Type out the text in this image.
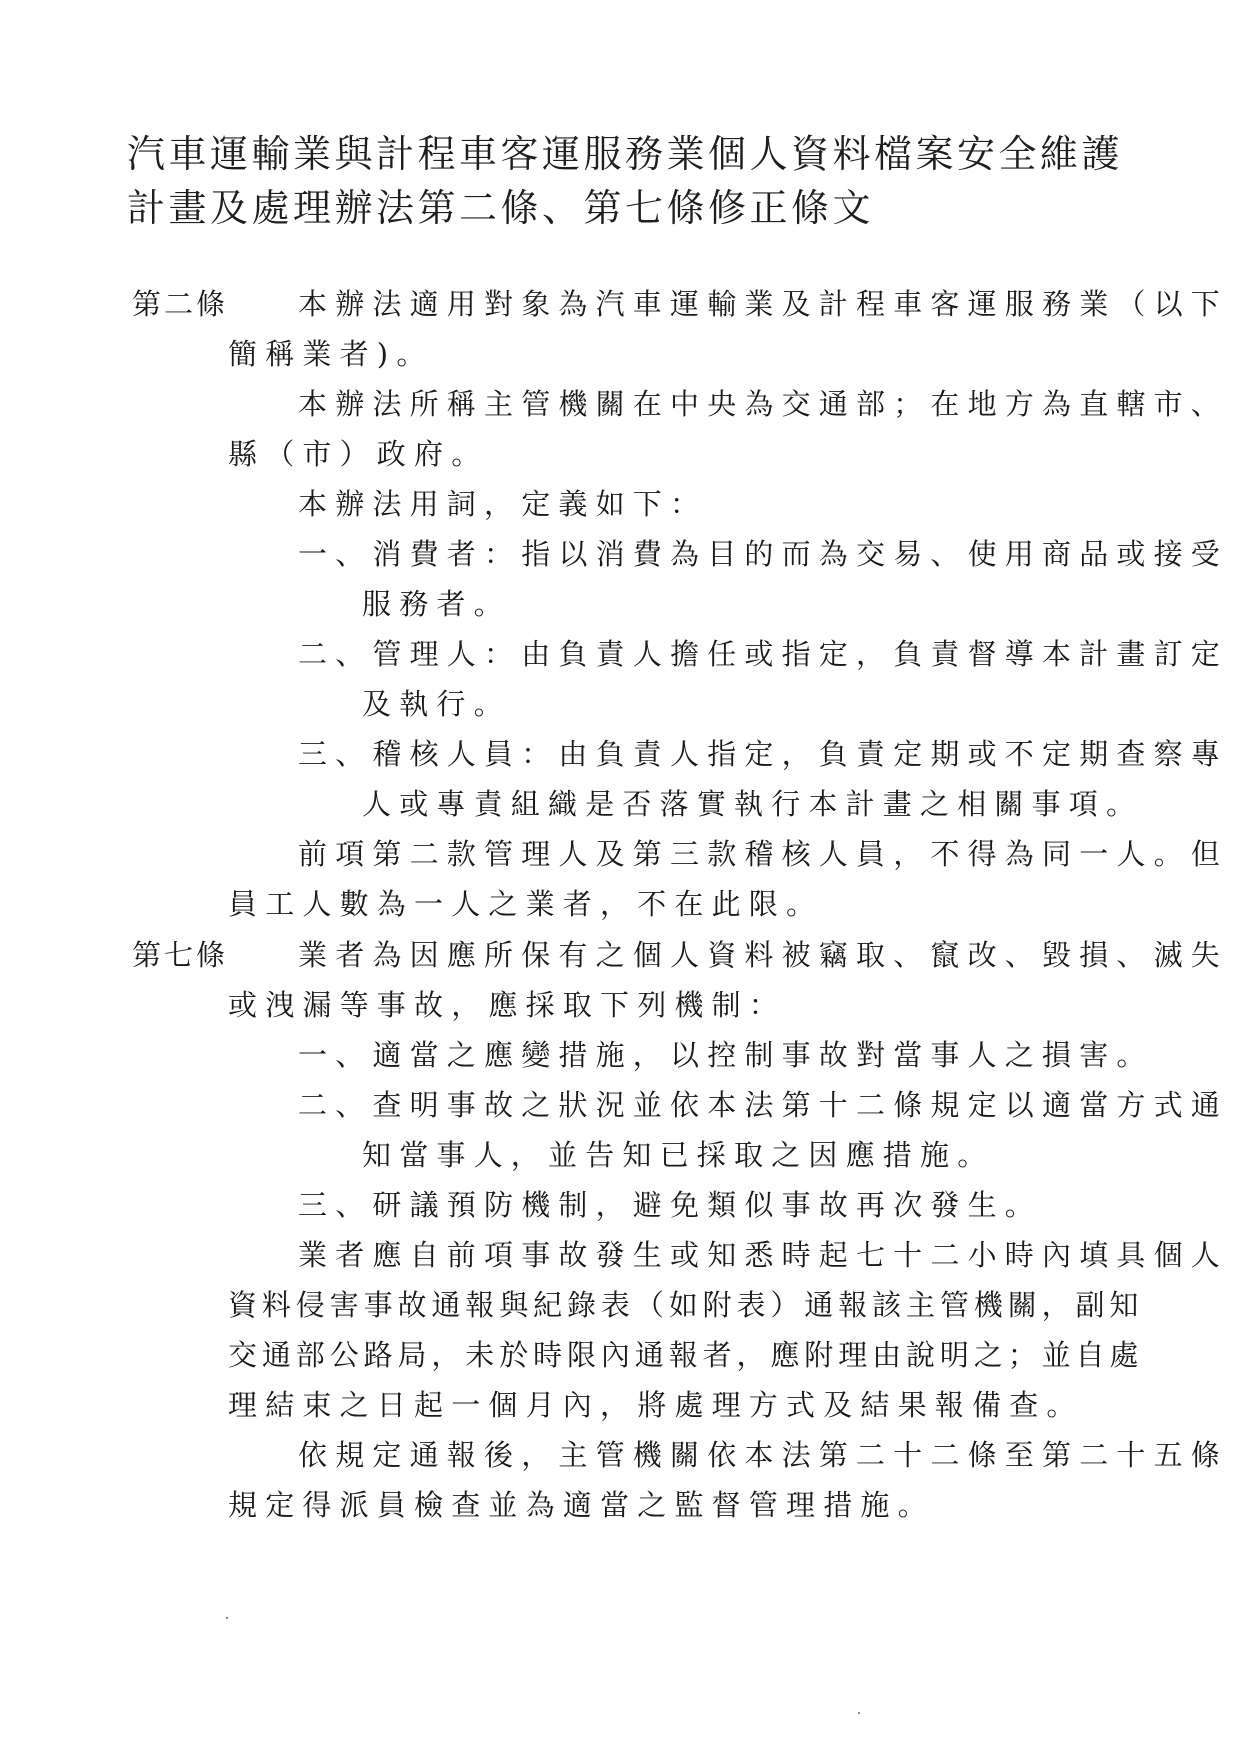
汽車運輸業與計程車客運服務業個人資料檔案安全維護
計畫及處理辦法第二條、第七條修正條文
第二條 本辦法適用對象為汽車運輸業及計程車客運服務業（以下
簡稱業者)。
本辦法所稱主管機關在中央為交通部；在地方為直轄市、
縣（市）政府。
本辦法用詞，定義如下：
一、消費者：指以消費為目的而為交易、使用商品或接受
服務者。
二、管理人：由負責人擔任或指定，負責督導本計畫訂定
及執行。
三、稽核人員：由負責人指定，負責定期或不定期查察專
人或專責組織是否落實執行本計畫之相關事項。
前項第二款管理人及第三款稽核人員，不得為同一人。但
員工人數為一人之業者，不在此限。
第七條 業者為因應所保有之個人資料被竊取、竄改、毀損、滅失
或洩漏等事故，應採取下列機制：
一、適當之應變措施，以控制事故對當事人之損害。
二、查明事故之狀況並依本法第十二條規定以適當方式通
知當事人，並告知已採取之因應措施。
三、研議預防機制，避免類似事故再次發生。
業者應自前項事故發生或知悉時起七十二小時內填具個人
資料侵害事故通報與紀錄表（如附表）通報該主管機關，副知
交通部公路局，未於時限內通報者，應附理由說明之；並自處
理結束之日起一個月內，將處理方式及結果報備查。
依規定通報後，主管機關依本法第二十二條至第二十五條
規定得派員檢查並為適當之監督管理措施。
